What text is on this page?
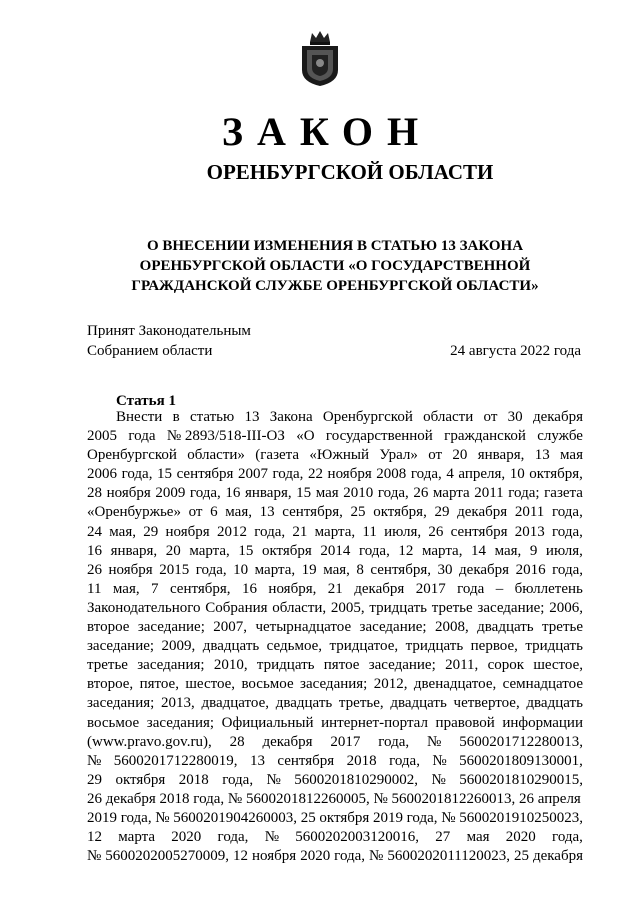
ЗАКОН
ОРЕНБУРГСКОЙ ОБЛАСТИ
О ВНЕСЕНИИ ИЗМЕНЕНИЯ В СТАТЬЮ 13 ЗАКОНА
ОРЕНБУРГСКОЙ ОБЛАСТИ «О ГОСУДАРСТВЕННОЙ
ГРАЖДАНСКОЙ СЛУЖБЕ ОРЕНБУРГСКОЙ ОБЛАСТИ»
Принят Законодательным
Собранием области	24 августа 2022 года
Статья 1
Внести в статью 13 Закона Оренбургской области от 30 декабря
2005 года № 2893/518-III-ОЗ «О государственной гражданской службе
Оренбургской области» (газета «Южный Урал» от 20 января, 13 мая
2006 года, 15 сентября 2007 года, 22 ноября 2008 года, 4 апреля, 10 октября,
28 ноября 2009 года, 16 января, 15 мая 2010 года, 26 марта 2011 года; газета
«Оренбуржье» от 6 мая, 13 сентября, 25 октября, 29 декабря 2011 года,
24 мая, 29 ноября 2012 года, 21 марта, 11 июля, 26 сентября 2013 года,
16 января, 20 марта, 15 октября 2014 года, 12 марта, 14 мая, 9 июля,
26 ноября 2015 года, 10 марта, 19 мая, 8 сентября, 30 декабря 2016 года,
11 мая, 7 сентября, 16 ноября, 21 декабря 2017 года – бюллетень
Законодательного Собрания области, 2005, тридцать третье заседание; 2006,
второе заседание; 2007, четырнадцатое заседание; 2008, двадцать третье
заседание; 2009, двадцать седьмое, тридцатое, тридцать первое, тридцать
третье заседания; 2010, тридцать пятое заседание; 2011, сорок шестое,
второе, пятое, шестое, восьмое заседания; 2012, двенадцатое, семнадцатое
заседания; 2013, двадцатое, двадцать третье, двадцать четвертое, двадцать
восьмое заседания; Официальный интернет-портал правовой информации
(www.pravo.gov.ru), 28 декабря 2017 года, № 5600201712280013,
№ 5600201712280019, 13 сентября 2018 года, № 5600201809130001,
29 октября 2018 года, № 5600201810290002, № 5600201810290015,
26 декабря 2018 года, № 5600201812260005, № 5600201812260013, 26 апреля
2019 года, № 5600201904260003, 25 октября 2019 года, № 5600201910250023,
12 марта 2020 года, № 5600202003120016, 27 мая 2020 года,
№ 5600202005270009, 12 ноября 2020 года, № 5600202011120023, 25 декабря
